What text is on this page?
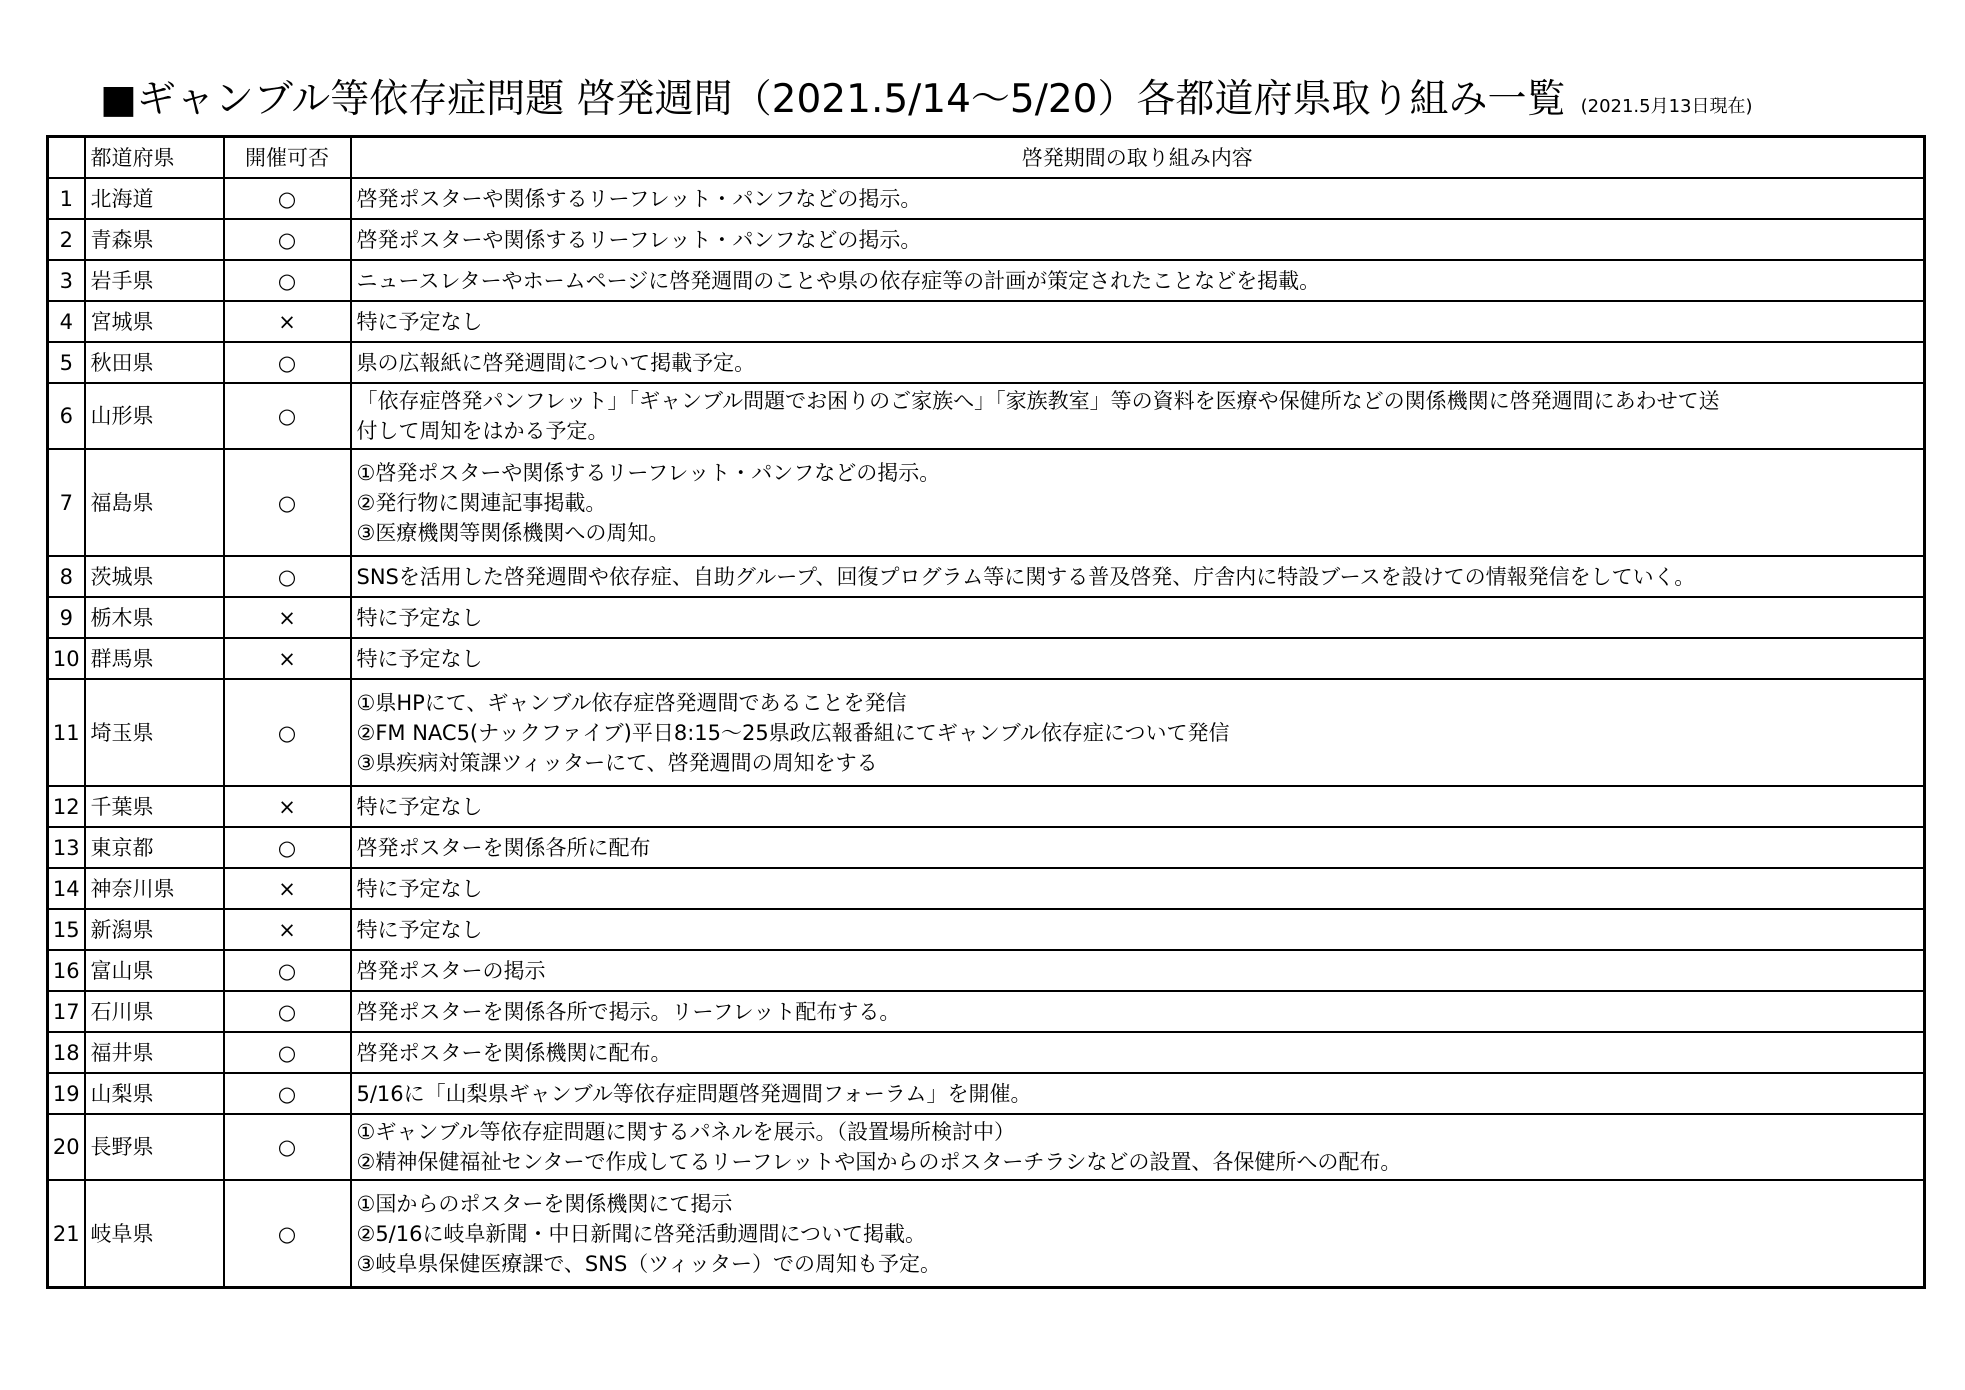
■ギャンブル等依存症問題 啓発週間（2021.5/14～5/20）各都道府県取り組み一覧 (2021.5月13日現在)
	都道府県	開催可否	啓発期間の取り組み内容
1	北海道	○	啓発ポスターや関係するリーフレット・パンフなどの掲示。

2	青森県	○	啓発ポスターや関係するリーフレット・パンフなどの掲示。

3	岩手県	○	ニュースレターやホームページに啓発週間のことや県の依存症等の計画が策定されたことなどを掲載。

4	宮城県	×	特に予定なし

5	秋田県	○	県の広報紙に啓発週間について掲載予定。

6	山形県	○	「依存症啓発パンフレット」「ギャンブル問題でお困りのご家族へ」「家族教室」等の資料を医療や保健所などの関係機関に啓発週間にあわせて送
付して周知をはかる予定。

7	福島県	○	①啓発ポスターや関係するリーフレット・パンフなどの掲示。
②発行物に関連記事掲載。
③医療機関等関係機関への周知。

8	茨城県	○	SNSを活用した啓発週間や依存症、自助グループ、回復プログラム等に関する普及啓発、庁舎内に特設ブースを設けての情報発信をしていく。

9	栃木県	×	特に予定なし

10	群馬県	×	特に予定なし

11	埼玉県	○	①県HPにて、ギャンブル依存症啓発週間であることを発信
②FM NAC5(ナックファイブ)平日8:15～25県政広報番組にてギャンブル依存症について発信
③県疾病対策課ツィッターにて、啓発週間の周知をする

12	千葉県	×	特に予定なし

13	東京都	○	啓発ポスターを関係各所に配布

14	神奈川県	×	特に予定なし

15	新潟県	×	特に予定なし

16	富山県	○	啓発ポスターの掲示

17	石川県	○	啓発ポスターを関係各所で掲示。リーフレット配布する。

18	福井県	○	啓発ポスターを関係機関に配布。

19	山梨県	○	5/16に「山梨県ギャンブル等依存症問題啓発週間フォーラム」を開催。

20	長野県	○	①ギャンブル等依存症問題に関するパネルを展示。（設置場所検討中）
②精神保健福祉センターで作成してるリーフレットや国からのポスターチラシなどの設置、各保健所への配布。

21	岐阜県	○	①国からのポスターを関係機関にて掲示
②5/16に岐阜新聞・中日新聞に啓発活動週間について掲載。
③岐阜県保健医療課で、SNS（ツィッター）での周知も予定。
